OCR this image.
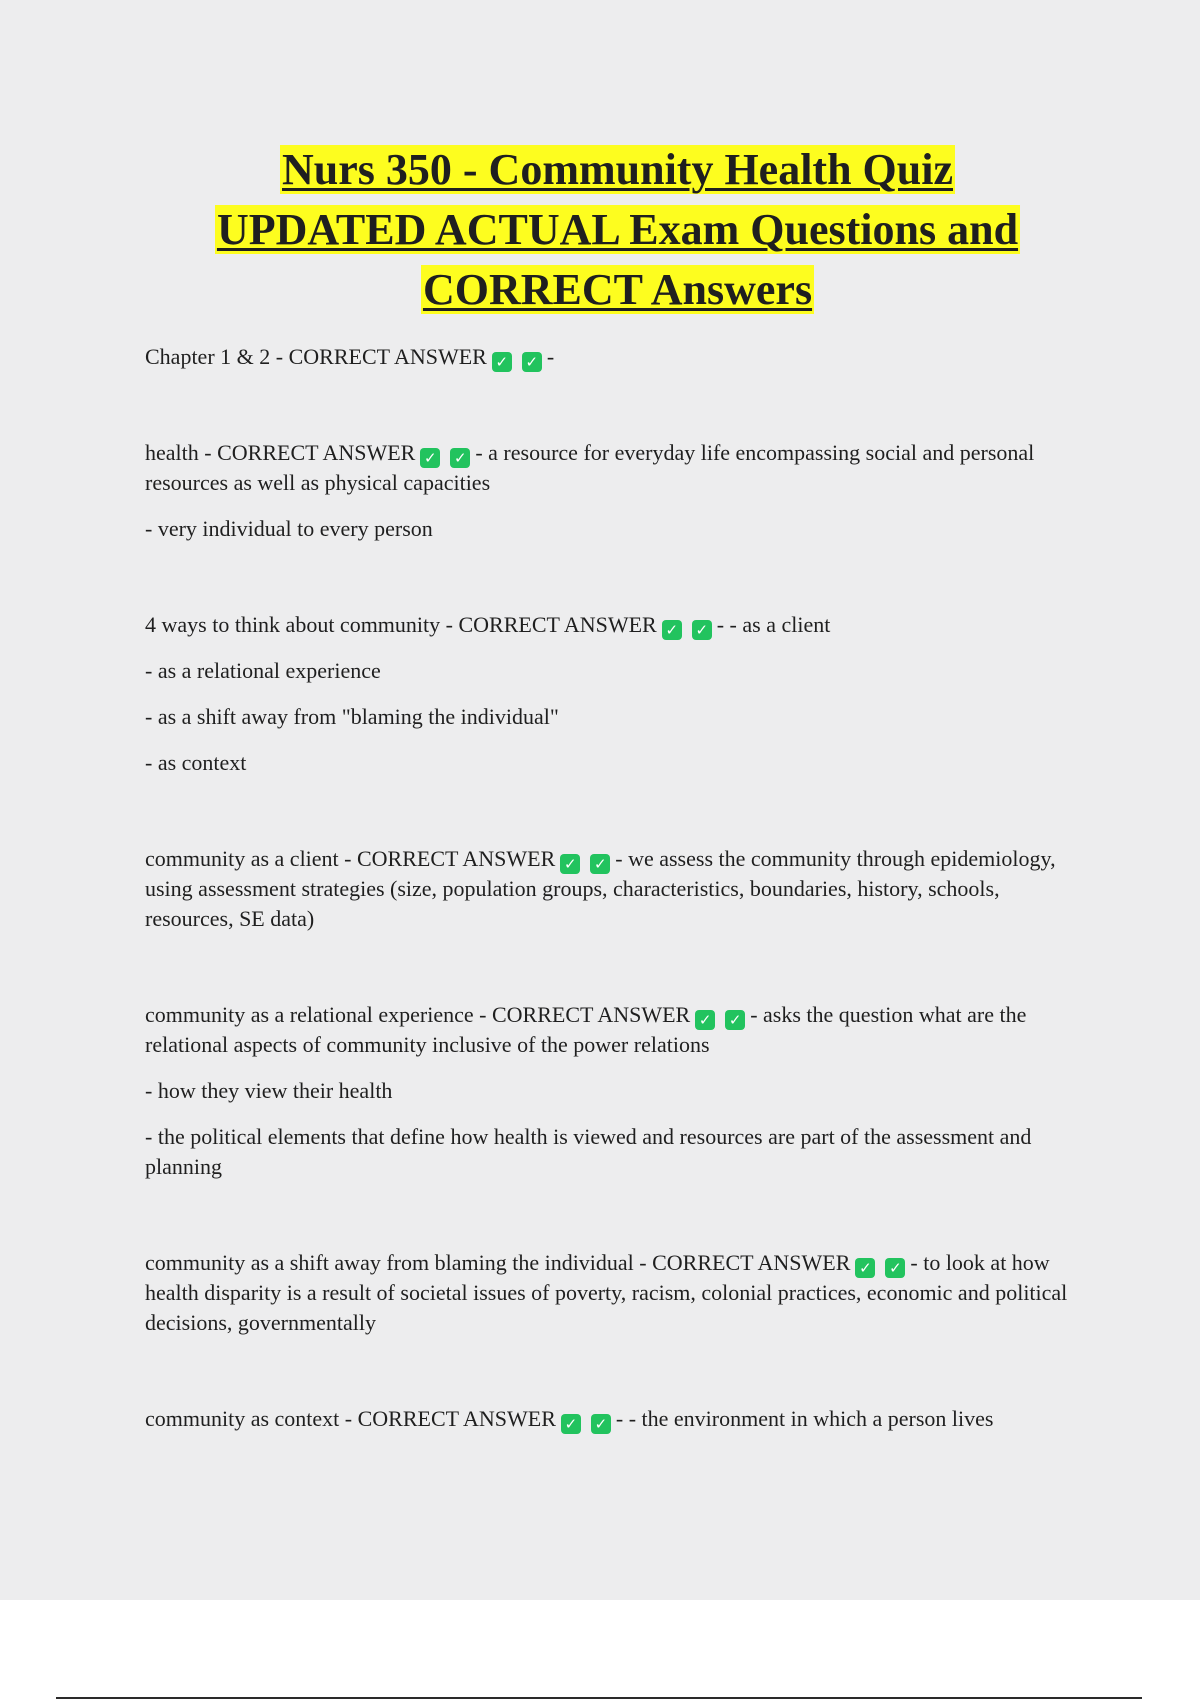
Nurs 350 - Community Health Quiz
UPDATED ACTUAL Exam Questions and
CORRECT Answers
Chapter 1 & 2 - CORRECT ANSWER ✓ ✓ -
health - CORRECT ANSWER ✓ ✓ - a resource for everyday life encompassing social and personal resources as well as physical capacities
- very individual to every person
4 ways to think about community - CORRECT ANSWER ✓ ✓ - - as a client
- as a relational experience
- as a shift away from "blaming the individual"
- as context
community as a client - CORRECT ANSWER ✓ ✓ - we assess the community through epidemiology, using assessment strategies (size, population groups, characteristics, boundaries, history, schools, resources, SE data)
community as a relational experience - CORRECT ANSWER ✓ ✓ - asks the question what are the relational aspects of community inclusive of the power relations
- how they view their health
- the political elements that define how health is viewed and resources are part of the assessment and planning
community as a shift away from blaming the individual - CORRECT ANSWER ✓ ✓ - to look at how health disparity is a result of societal issues of poverty, racism, colonial practices, economic and political decisions, governmentally
community as context - CORRECT ANSWER ✓ ✓ - - the environment in which a person lives
